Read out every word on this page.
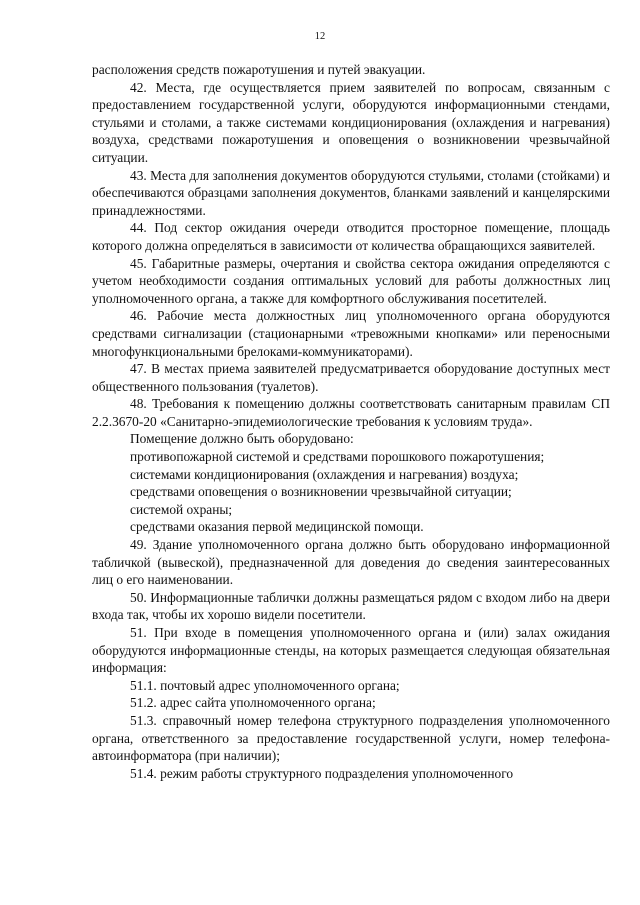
12

расположения средств пожаротушения и путей эвакуации.

42. Места, где осуществляется прием заявителей по вопросам, связанным с предоставлением государственной услуги, оборудуются информационными стендами, стульями и столами, а также системами кондиционирования (охлаждения и нагревания) воздуха, средствами пожаротушения и оповещения о возникновении чрезвычайной ситуации.

43. Места для заполнения документов оборудуются стульями, столами (стойками) и обеспечиваются образцами заполнения документов, бланками заявлений и канцелярскими принадлежностями.

44. Под сектор ожидания очереди отводится просторное помещение, площадь которого должна определяться в зависимости от количества обращающихся заявителей.

45. Габаритные размеры, очертания и свойства сектора ожидания определяются с учетом необходимости создания оптимальных условий для работы должностных лиц уполномоченного органа, а также для комфортного обслуживания посетителей.

46. Рабочие места должностных лиц уполномоченного органа оборудуются средствами сигнализации (стационарными «тревожными кнопками» или переносными многофункциональными брелоками-коммуникаторами).

47. В местах приема заявителей предусматривается оборудование доступных мест общественного пользования (туалетов).

48. Требования к помещению должны соответствовать санитарным правилам СП 2.2.3670-20 «Санитарно-эпидемиологические требования к условиям труда».

Помещение должно быть оборудовано:

противопожарной системой и средствами порошкового пожаротушения;

системами кондиционирования (охлаждения и нагревания) воздуха;

средствами оповещения о возникновении чрезвычайной ситуации;

системой охраны;

средствами оказания первой медицинской помощи.

49. Здание уполномоченного органа должно быть оборудовано информационной табличкой (вывеской), предназначенной для доведения до сведения заинтересованных лиц о его наименовании.

50. Информационные таблички должны размещаться рядом с входом либо на двери входа так, чтобы их хорошо видели посетители.

51. При входе в помещения уполномоченного органа и (или) залах ожидания оборудуются информационные стенды, на которых размещается следующая обязательная информация:

51.1. почтовый адрес уполномоченного органа;

51.2. адрес сайта уполномоченного органа;

51.3. справочный номер телефона структурного подразделения уполномоченного органа, ответственного за предоставление государственной услуги, номер телефона-автоинформатора (при наличии);

51.4. режим работы структурного подразделения уполномоченного
